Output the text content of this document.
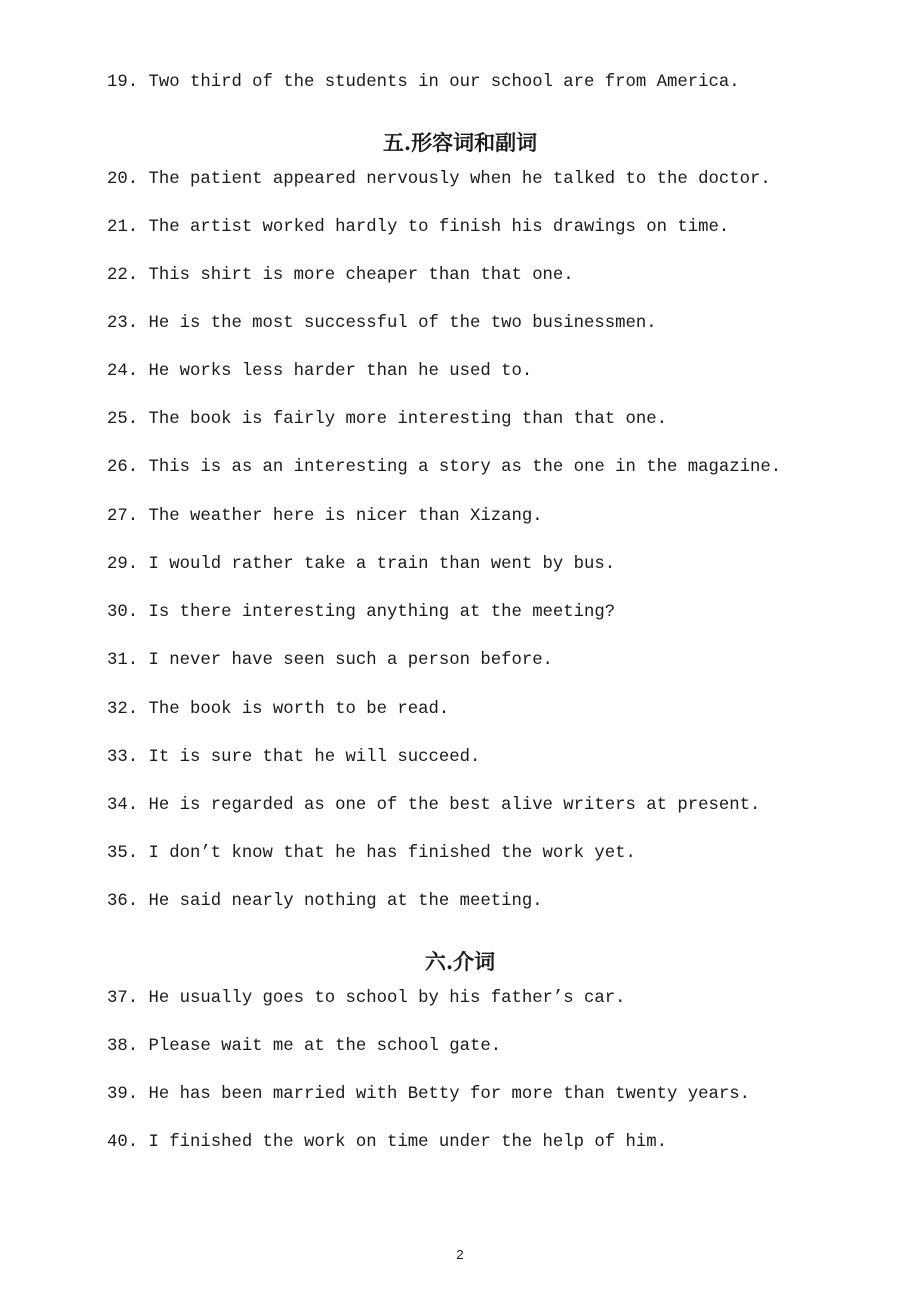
19. Two third of the students in our school are from America.
五.形容词和副词
20. The patient appeared nervously when he talked to the doctor.
21. The artist worked hardly to finish his drawings on time.
22. This shirt is more cheaper than that one.
23. He is the most successful of the two businessmen.
24. He works less harder than he used to.
25. The book is fairly more interesting than that one.
26. This is as an interesting a story as the one in the magazine.
27. The weather here is nicer than Xizang.
29. I would rather take a train than went by bus.
30. Is there interesting anything at the meeting?
31. I never have seen such a person before.
32. The book is worth to be read.
33. It is sure that he will succeed.
34. He is regarded as one of the best alive writers at present.
35. I don’t know that he has finished the work yet.
36. He said nearly nothing at the meeting.
六.介词
37. He usually goes to school by his father’s car.
38. Please wait me at the school gate.
39. He has been married with Betty for more than twenty years.
40. I finished the work on time under the help of him.
2
